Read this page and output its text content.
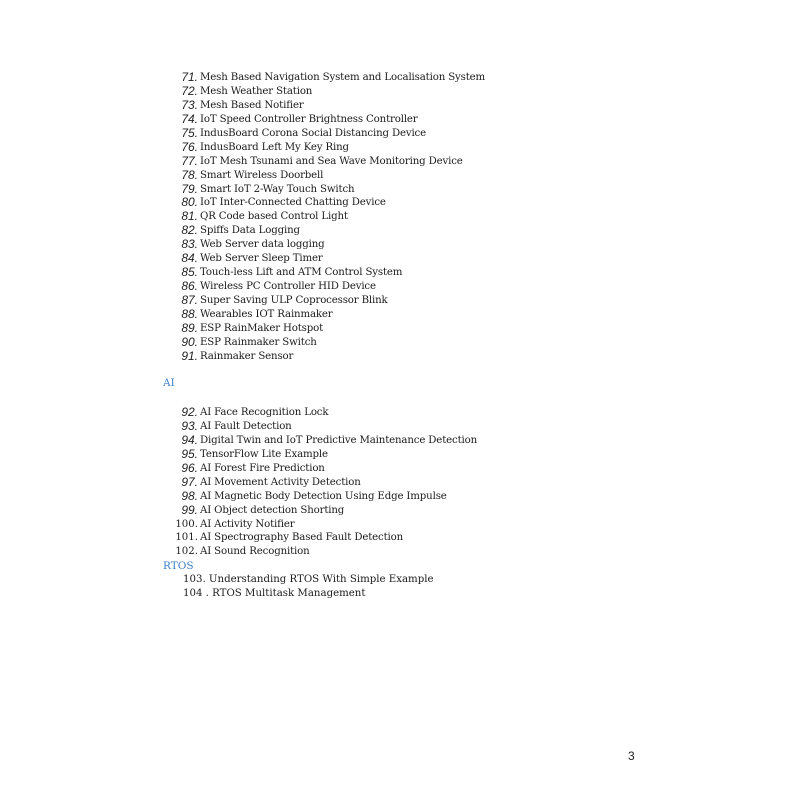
71. Mesh Based Navigation System and Localisation System
72. Mesh Weather Station
73. Mesh Based Notifier
74. IoT Speed Controller Brightness Controller
75. IndusBoard Corona Social Distancing Device
76. IndusBoard Left My Key Ring
77. IoT Mesh Tsunami and Sea Wave Monitoring Device
78. Smart Wireless Doorbell
79. Smart IoT 2-Way Touch Switch
80. IoT Inter-Connected Chatting Device
81. QR Code based Control Light
82. Spiffs Data Logging
83. Web Server data logging
84. Web Server Sleep Timer
85. Touch-less Lift and ATM Control System
86. Wireless PC Controller HID Device
87. Super Saving ULP Coprocessor Blink
88. Wearables IOT Rainmaker
89. ESP RainMaker Hotspot
90. ESP Rainmaker Switch
91. Rainmaker Sensor
AI
92. AI Face Recognition Lock
93. AI Fault Detection
94. Digital Twin and IoT Predictive Maintenance Detection
95. TensorFlow Lite Example
96. AI Forest Fire Prediction
97. AI Movement Activity Detection
98. AI Magnetic Body Detection Using Edge Impulse
99. AI Object detection Shorting
100. AI Activity Notifier
101. AI Spectrography Based Fault Detection
102. AI Sound Recognition
RTOS
103. Understanding RTOS With Simple Example
104 . RTOS Multitask Management
3
